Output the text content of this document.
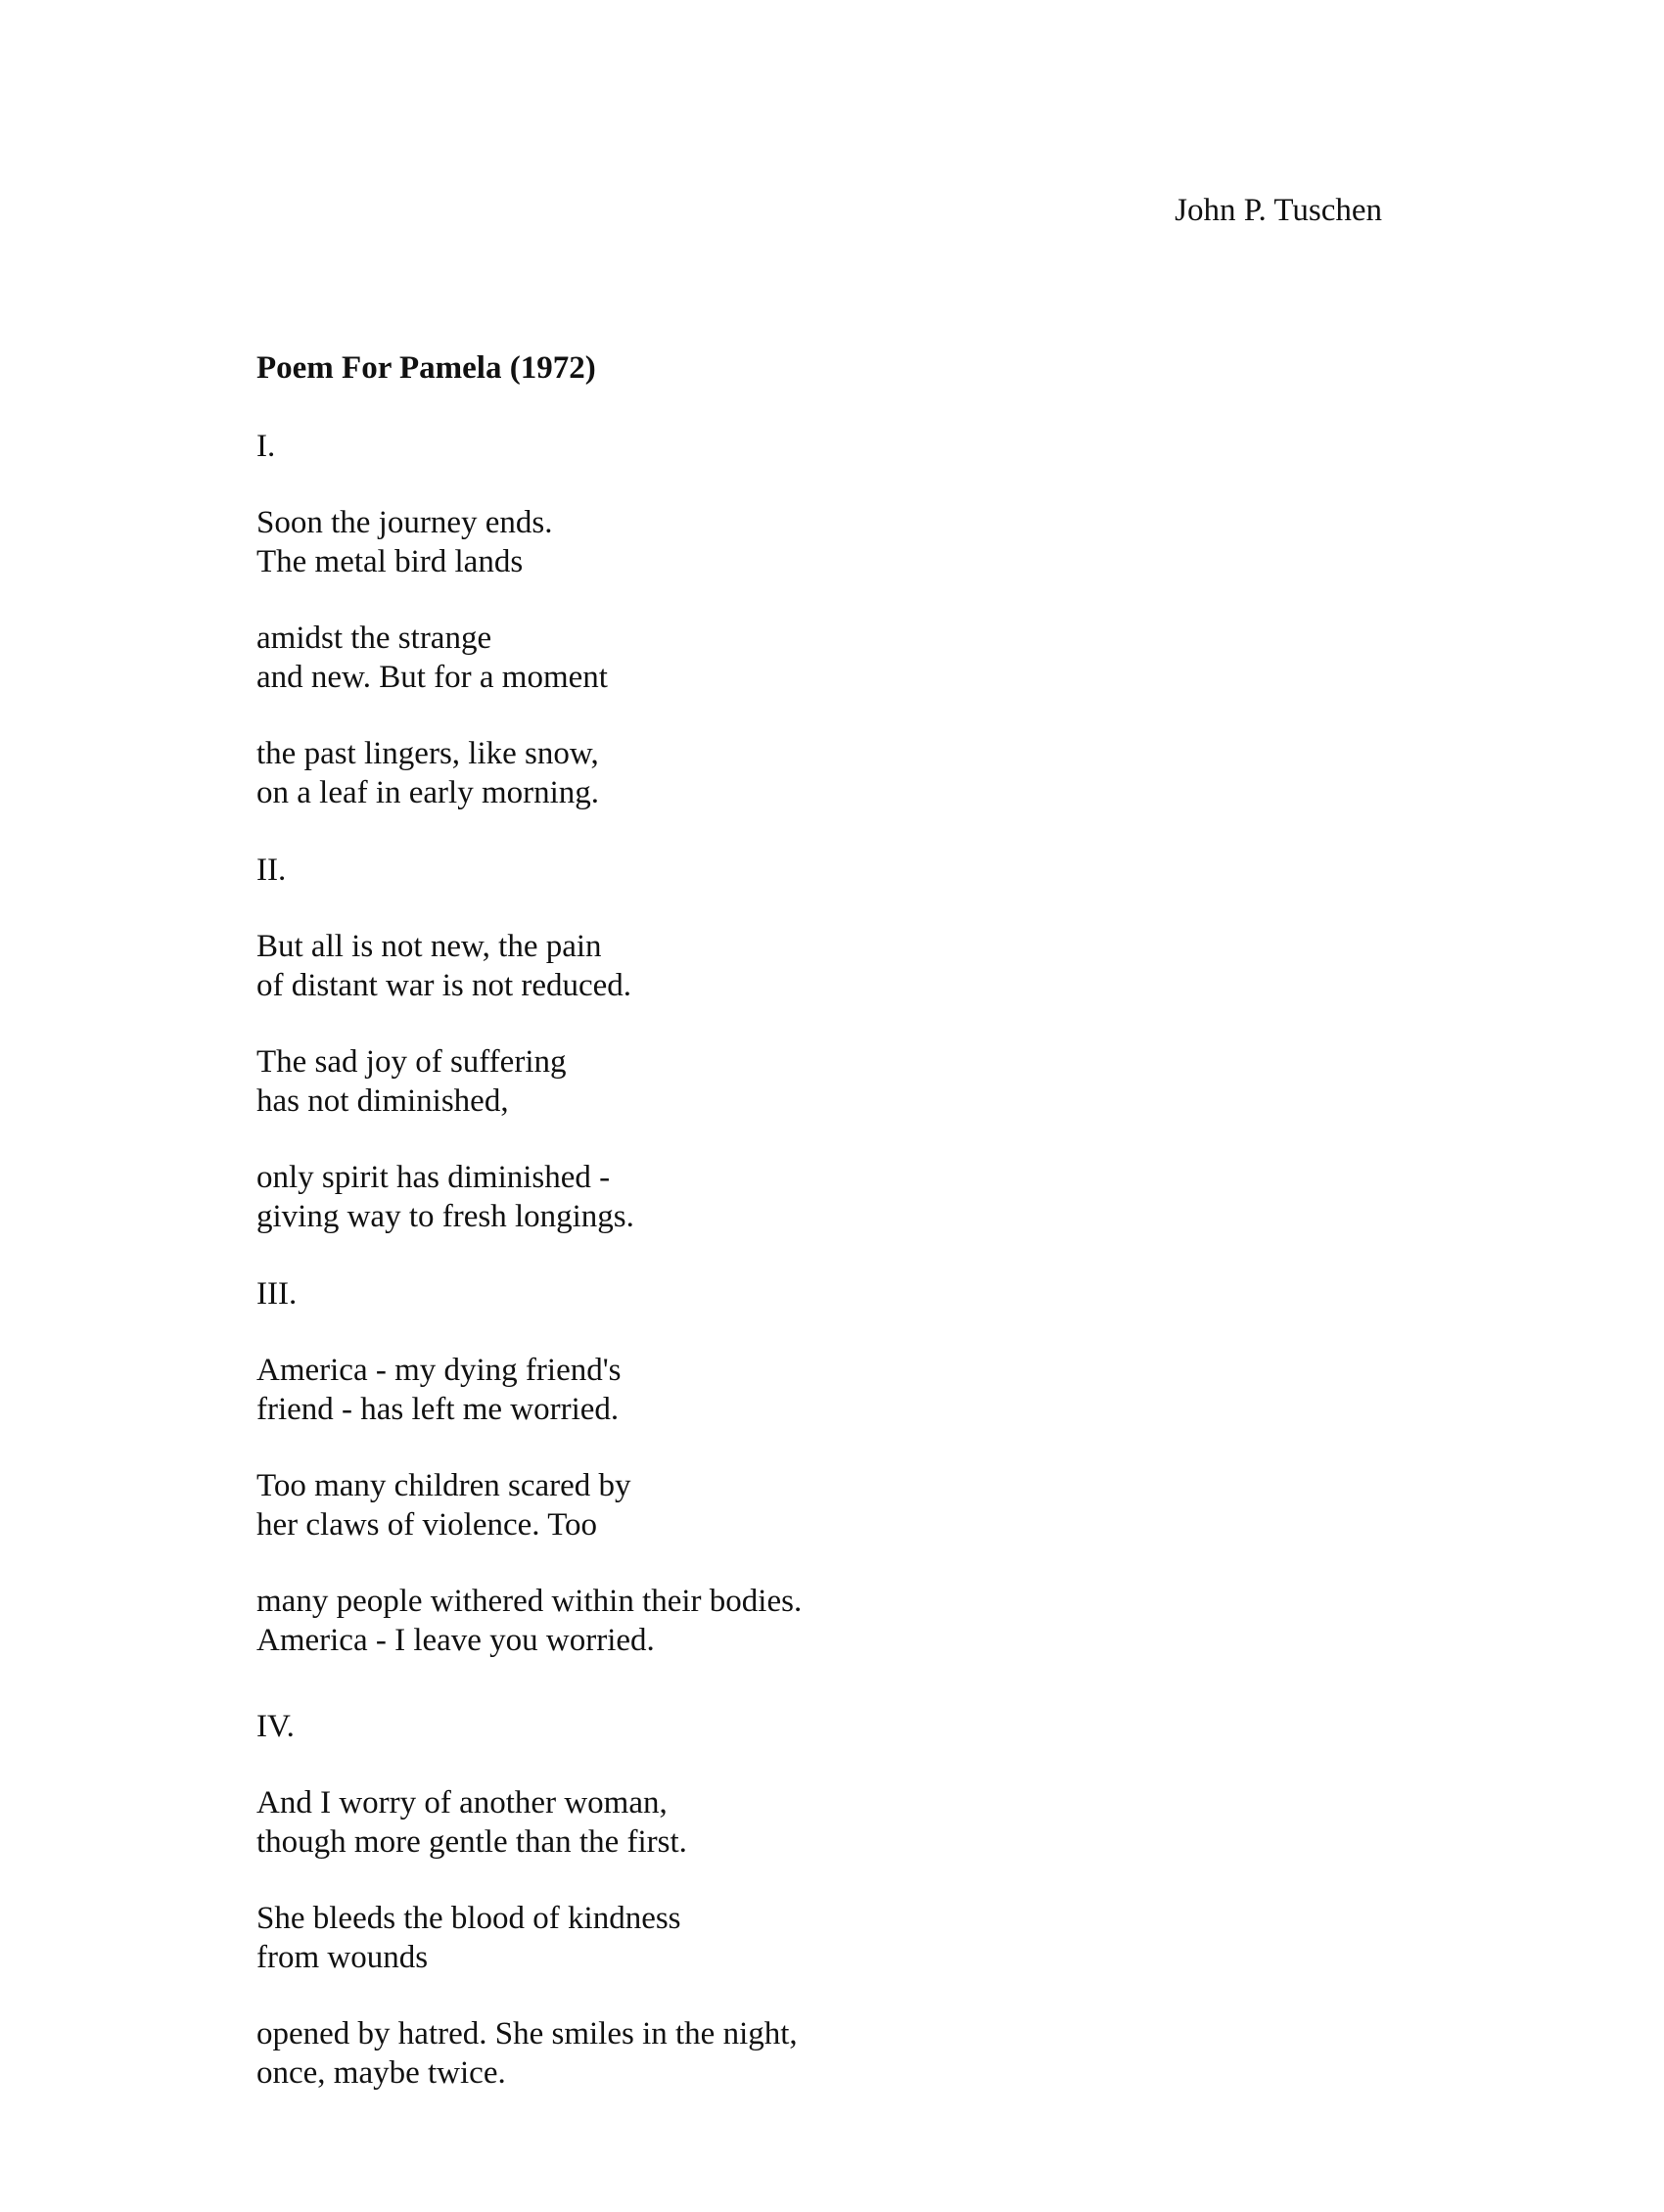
John P. Tuschen
Poem For Pamela (1972)
I.
Soon the journey ends.
The metal bird lands
amidst the strange
and new. But for a moment
the past lingers, like snow,
on a leaf in early morning.
II.
But all is not new, the pain
of distant war is not reduced.
The sad joy of suffering
has not diminished,
only spirit has diminished -
giving way to fresh longings.
III.
America - my dying friend's
friend - has left me worried.
Too many children scared by
her claws of violence. Too
many people withered within their bodies.
America - I leave you worried.
IV.
And I worry of another woman,
though more gentle than the first.
She bleeds the blood of kindness
from wounds
opened by hatred. She smiles in the night,
once, maybe twice.
